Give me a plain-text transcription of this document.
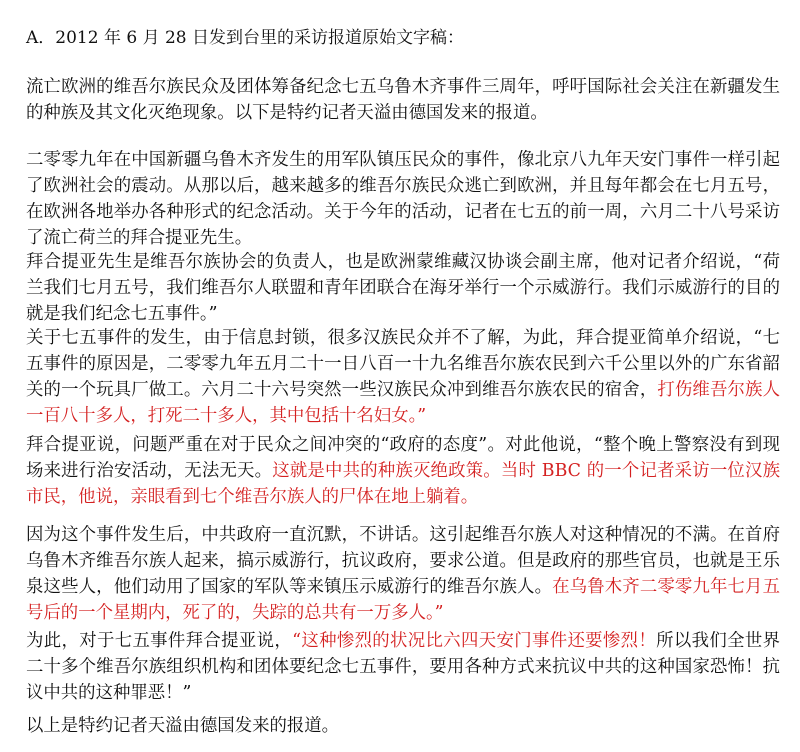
A．2012 年 6 月 28 日发到台里的采访报道原始文字稿：

流亡欧洲的维吾尔族民众及团体筹备纪念七五乌鲁木齐事件三周年，呼吁国际社会关注在新疆发生的种族及其文化灭绝现象。以下是特约记者天溢由德国发来的报道。

二零零九年在中国新疆乌鲁木齐发生的用军队镇压民众的事件，像北京八九年天安门事件一样引起了欧洲社会的震动。从那以后，越来越多的维吾尔族民众逃亡到欧洲，并且每年都会在七月五号，在欧洲各地举办各种形式的纪念活动。关于今年的活动，记者在七五的前一周，六月二十八号采访了流亡荷兰的拜合提亚先生。

拜合提亚先生是维吾尔族协会的负责人，也是欧洲蒙维藏汉协谈会副主席，他对记者介绍说，“荷兰我们七月五号，我们维吾尔人联盟和青年团联合在海牙举行一个示威游行。我们示威游行的目的就是我们纪念七五事件。”

关于七五事件的发生，由于信息封锁，很多汉族民众并不了解，为此，拜合提亚简单介绍说，“七五事件的原因是，二零零九年五月二十一日八百一十九名维吾尔族农民到六千公里以外的广东省韶关的一个玩具厂做工。六月二十六号突然一些汉族民众冲到维吾尔族农民的宿舍，打伤维吾尔族人一百八十多人，打死二十多人，其中包括十名妇女。”

拜合提亚说，问题严重在对于民众之间冲突的“政府的态度”。对此他说，“整个晚上警察没有到现场来进行治安活动，无法无天。这就是中共的种族灭绝政策。当时 BBC 的一个记者采访一位汉族市民，他说，亲眼看到七个维吾尔族人的尸体在地上躺着。

因为这个事件发生后，中共政府一直沉默，不讲话。这引起维吾尔族人对这种情况的不满。在首府乌鲁木齐维吾尔族人起来，搞示威游行，抗议政府，要求公道。但是政府的那些官员，也就是王乐泉这些人，他们动用了国家的军队等来镇压示威游行的维吾尔族人。在乌鲁木齐二零零九年七月五号后的一个星期内，死了的，失踪的总共有一万多人。”

为此，对于七五事件拜合提亚说，“这种惨烈的状况比六四天安门事件还要惨烈！所以我们全世界二十多个维吾尔族组织机构和团体要纪念七五事件，要用各种方式来抗议中共的这种国家恐怖！抗议中共的这种罪恶！”

以上是特约记者天溢由德国发来的报道。
